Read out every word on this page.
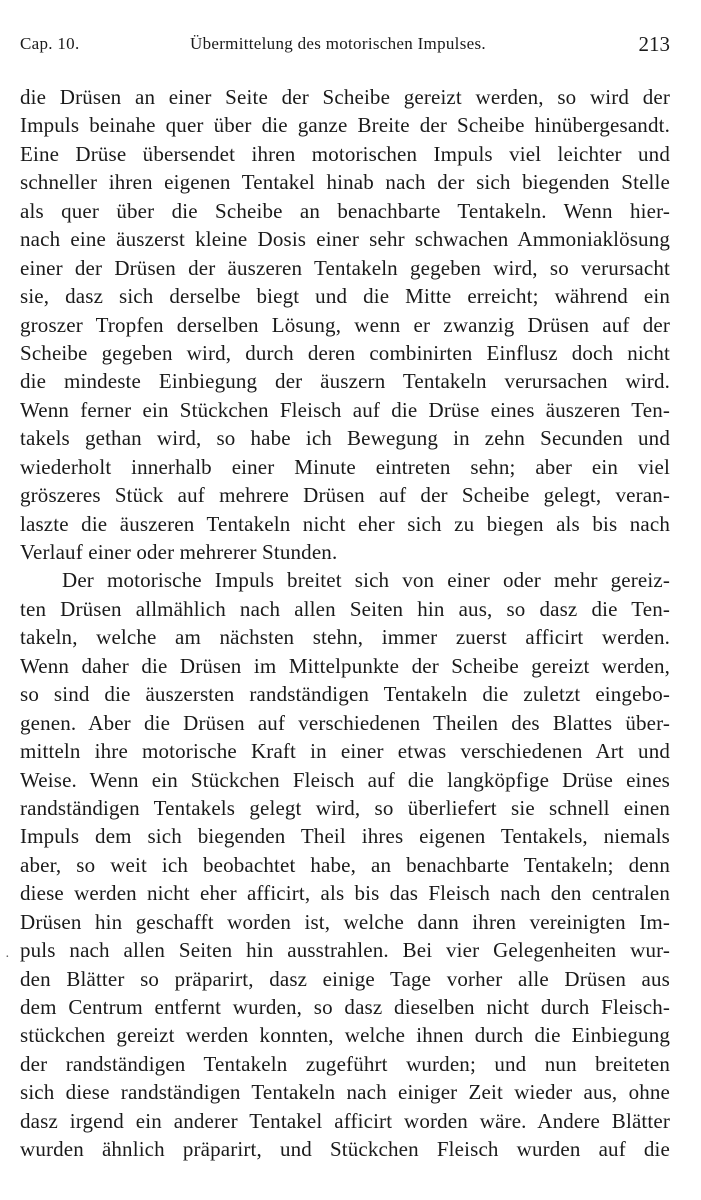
Cap. 10.	Übermittelung des motorischen Impulses.	213
die Drüsen an einer Seite der Scheibe gereizt werden, so wird der
Impuls beinahe quer über die ganze Breite der Scheibe hinübergesandt.
Eine Drüse übersendet ihren motorischen Impuls viel leichter und
schneller ihren eigenen Tentakel hinab nach der sich biegenden Stelle
als quer über die Scheibe an benachbarte Tentakeln. Wenn hier-
nach eine äuszerst kleine Dosis einer sehr schwachen Ammoniaklösung
einer der Drüsen der äuszeren Tentakeln gegeben wird, so verursacht
sie, dasz sich derselbe biegt und die Mitte erreicht; während ein
groszer Tropfen derselben Lösung, wenn er zwanzig Drüsen auf der
Scheibe gegeben wird, durch deren combinirten Einflusz doch nicht
die mindeste Einbiegung der äuszern Tentakeln verursachen wird.
Wenn ferner ein Stückchen Fleisch auf die Drüse eines äuszeren Ten-
takels gethan wird, so habe ich Bewegung in zehn Secunden und
wiederholt innerhalb einer Minute eintreten sehn; aber ein viel
gröszeres Stück auf mehrere Drüsen auf der Scheibe gelegt, veran-
laszte die äuszeren Tentakeln nicht eher sich zu biegen als bis nach
Verlauf einer oder mehrerer Stunden.
Der motorische Impuls breitet sich von einer oder mehr gereiz-
ten Drüsen allmählich nach allen Seiten hin aus, so dasz die Ten-
takeln, welche am nächsten stehn, immer zuerst afficirt werden.
Wenn daher die Drüsen im Mittelpunkte der Scheibe gereizt werden,
so sind die äuszersten randständigen Tentakeln die zuletzt eingebo-
genen. Aber die Drüsen auf verschiedenen Theilen des Blattes über-
mitteln ihre motorische Kraft in einer etwas verschiedenen Art und
Weise. Wenn ein Stückchen Fleisch auf die langköpfige Drüse eines
randständigen Tentakels gelegt wird, so überliefert sie schnell einen
Impuls dem sich biegenden Theil ihres eigenen Tentakels, niemals
aber, so weit ich beobachtet habe, an benachbarte Tentakeln; denn
diese werden nicht eher afficirt, als bis das Fleisch nach den centralen
Drüsen hin geschafft worden ist, welche dann ihren vereinigten Im-
puls nach allen Seiten hin ausstrahlen. Bei vier Gelegenheiten wur-
den Blätter so präparirt, dasz einige Tage vorher alle Drüsen aus
dem Centrum entfernt wurden, so dasz dieselben nicht durch Fleisch-
stückchen gereizt werden konnten, welche ihnen durch die Einbiegung
der randständigen Tentakeln zugeführt wurden; und nun breiteten
sich diese randständigen Tentakeln nach einiger Zeit wieder aus, ohne
dasz irgend ein anderer Tentakel afficirt worden wäre. Andere Blätter
wurden ähnlich präparirt, und Stückchen Fleisch wurden auf die
·
